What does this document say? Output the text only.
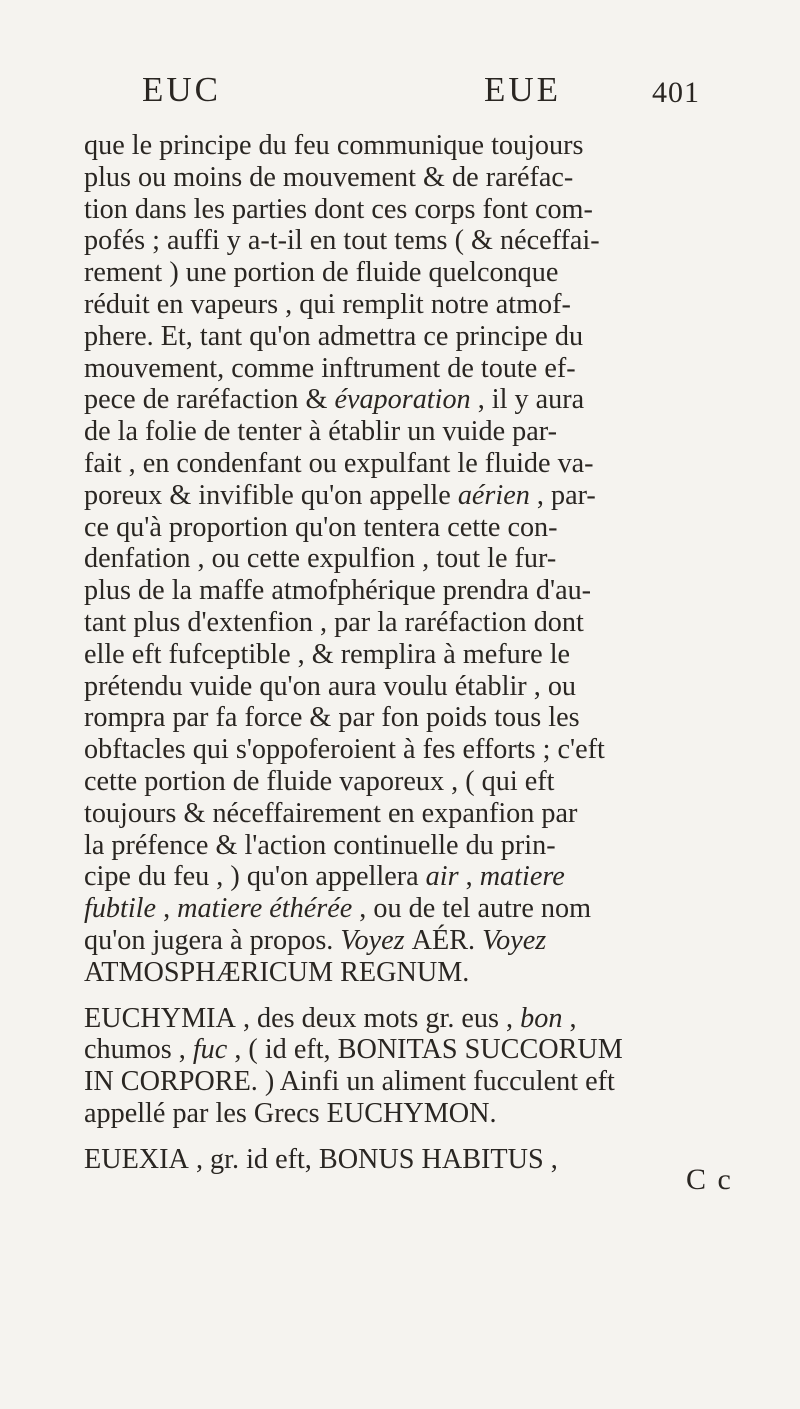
EUC	EUE	401
que le principe du feu communique toujours
plus ou moins de mouvement & de raréfac-
tion dans les parties dont ces corps font com-
pofés ; auffi y a-t-il en tout tems ( & néceffai-
rement ) une portion de fluide quelconque
réduit en vapeurs , qui remplit notre atmof-
phere. Et, tant qu'on admettra ce principe du
mouvement, comme inftrument de toute ef-
pece de raréfaction & évaporation , il y aura
de la folie de tenter à établir un vuide par-
fait , en condenfant ou expulfant le fluide va-
poreux & invifible qu'on appelle aérien , par-
ce qu'à proportion qu'on tentera cette con-
denfation , ou cette expulfion , tout le fur-
plus de la maffe atmofphérique prendra d'au-
tant plus d'extenfion , par la raréfaction dont
elle eft fufceptible , & remplira à mefure le
prétendu vuide qu'on aura voulu établir , ou
rompra par fa force & par fon poids tous les
obftacles qui s'oppoferoient à fes efforts ; c'eft
cette portion de fluide vaporeux , ( qui eft
toujours & néceffairement en expanfion par
la préfence & l'action continuelle du prin-
cipe du feu , ) qu'on appellera air , matiere
fubtile , matiere éthérée , ou de tel autre nom
qu'on jugera à propos. Voyez AÉR. Voyez
ATMOSPHÆRICUM REGNUM.
EUCHYMIA , des deux mots gr. eus , bon ,
chumos , fuc , ( id eft, BONITAS SUCCORUM
IN CORPORE. ) Ainfi un aliment fucculent eft
appellé par les Grecs EUCHYMON.
EUEXIA , gr. id eft, BONUS HABITUS ,
C c
